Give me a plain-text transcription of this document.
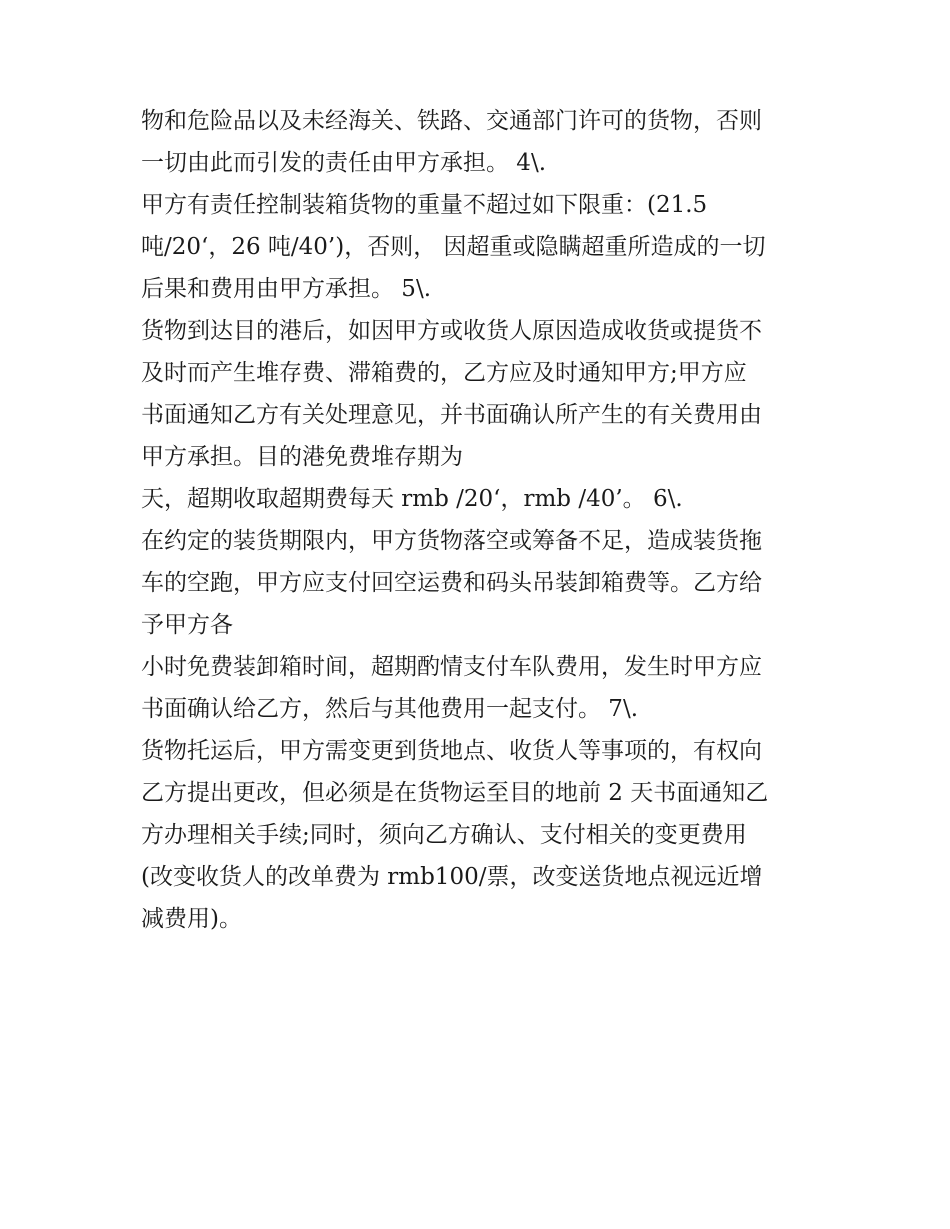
物和危险品以及未经海关、铁路、交通部门许可的货物，否则
一切由此而引发的责任由甲方承担。 4\.
甲方有责任控制装箱货物的重量不超过如下限重：(21.5
吨/20‘，26 吨/40’)，否则， 因超重或隐瞒超重所造成的一切
后果和费用由甲方承担。 5\.
货物到达目的港后，如因甲方或收货人原因造成收货或提货不
及时而产生堆存费、滞箱费的，乙方应及时通知甲方;甲方应
书面通知乙方有关处理意见，并书面确认所产生的有关费用由
甲方承担。目的港免费堆存期为
天，超期收取超期费每天 rmb /20‘，rmb /40’。 6\.
在约定的装货期限内，甲方货物落空或筹备不足，造成装货拖
车的空跑，甲方应支付回空运费和码头吊装卸箱费等。乙方给
予甲方各
小时免费装卸箱时间，超期酌情支付车队费用，发生时甲方应
书面确认给乙方，然后与其他费用一起支付。 7\.
货物托运后，甲方需变更到货地点、收货人等事项的，有权向
乙方提出更改，但必须是在货物运至目的地前 2 天书面通知乙
方办理相关手续;同时，须向乙方确认、支付相关的变更费用
(改变收货人的改单费为 rmb100/票，改变送货地点视远近增
减费用)。
